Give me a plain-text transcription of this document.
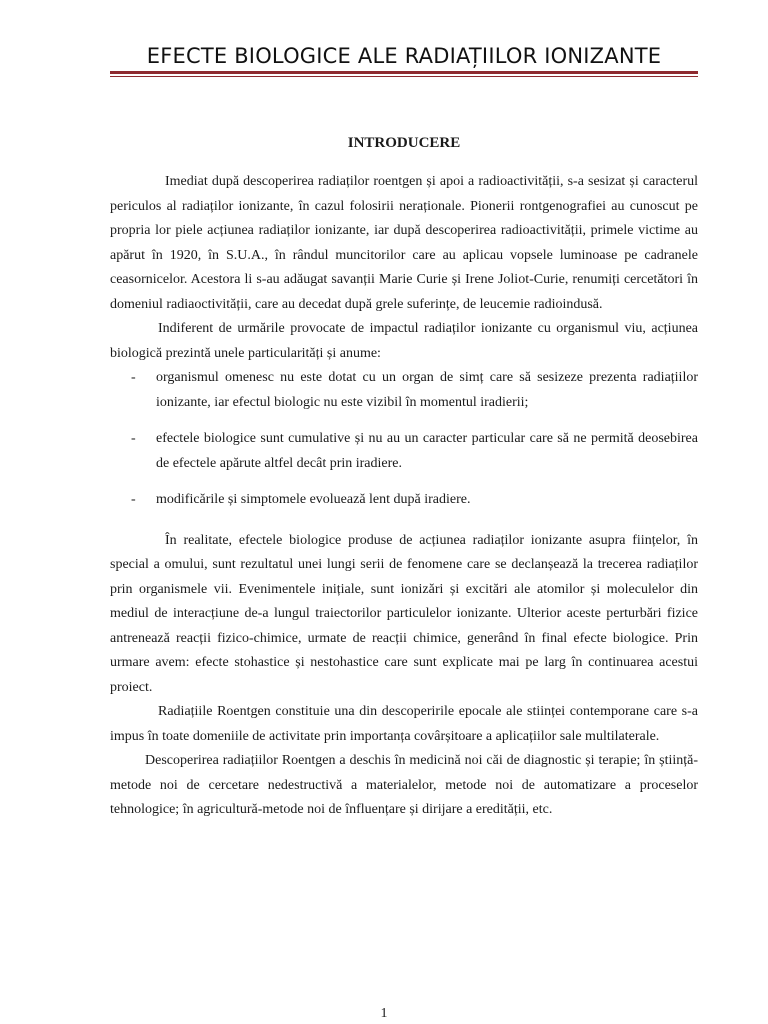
EFECTE BIOLOGICE ALE RADIAȚIILOR IONIZANTE
INTRODUCERE

Imediat după descoperirea radiaților roentgen și apoi a radioactivității, s-a sesizat și caracterul periculos al radiaților ionizante, în cazul folosirii neraționale. Pionerii rontgenografiei au cunoscut pe propria lor piele acțiunea radiaților ionizante, iar după descoperirea radioactivității, primele victime au apărut în 1920, în S.U.A., în rândul muncitorilor care au aplicau vopsele luminoase pe cadranele ceasornicelor. Acestora li s-au adăugat savanții Marie Curie și Irene Joliot-Curie, renumiți cercetători în domeniul radiaoctivității, care au decedat după grele suferințe, de leucemie radioindusă.

Indiferent de urmările provocate de impactul radiaților ionizante cu organismul viu, acțiunea biologică prezintă unele particularități și anume:

- organismul omenesc nu este dotat cu un organ de simț care să sesizeze prezenta radiațiilor ionizante, iar efectul biologic nu este vizibil în momentul iradierii;
- efectele biologice sunt cumulative și nu au un caracter particular care să ne permită deosebirea de efectele apărute altfel decât prin iradiere.
- modificările și simptomele evoluează lent după iradiere.

În realitate, efectele biologice produse de acțiunea radiaților ionizante asupra ființelor, în special a omului, sunt rezultatul unei lungi serii de fenomene care se declanșează la trecerea radiaților prin organismele vii. Evenimentele inițiale, sunt ionizări și excitări ale atomilor și moleculelor din mediul de interacțiune de-a lungul traiectorilor particulelor ionizante. Ulterior aceste perturbări fizice antrenează reacții fizico-chimice, urmate de reacții chimice, generând în final efecte biologice. Prin urmare avem: efecte stohastice și nestohastice care sunt explicate mai pe larg în continuarea acestui proiect.

Radiațiile Roentgen constituie una din descoperirile epocale ale stiinței contemporane care s-a impus în toate domeniile de activitate prin importanța covârșitoare a aplicațiilor sale multilaterale.

Descoperirea radiațiilor Roentgen a deschis în medicină noi căi de diagnostic și terapie; în știință-metode noi de cercetare nedestructivă a materialelor, metode noi de automatizare a proceselor tehnologice; în agricultură-metode noi de înfluențare și dirijare a eredității, etc.

1
